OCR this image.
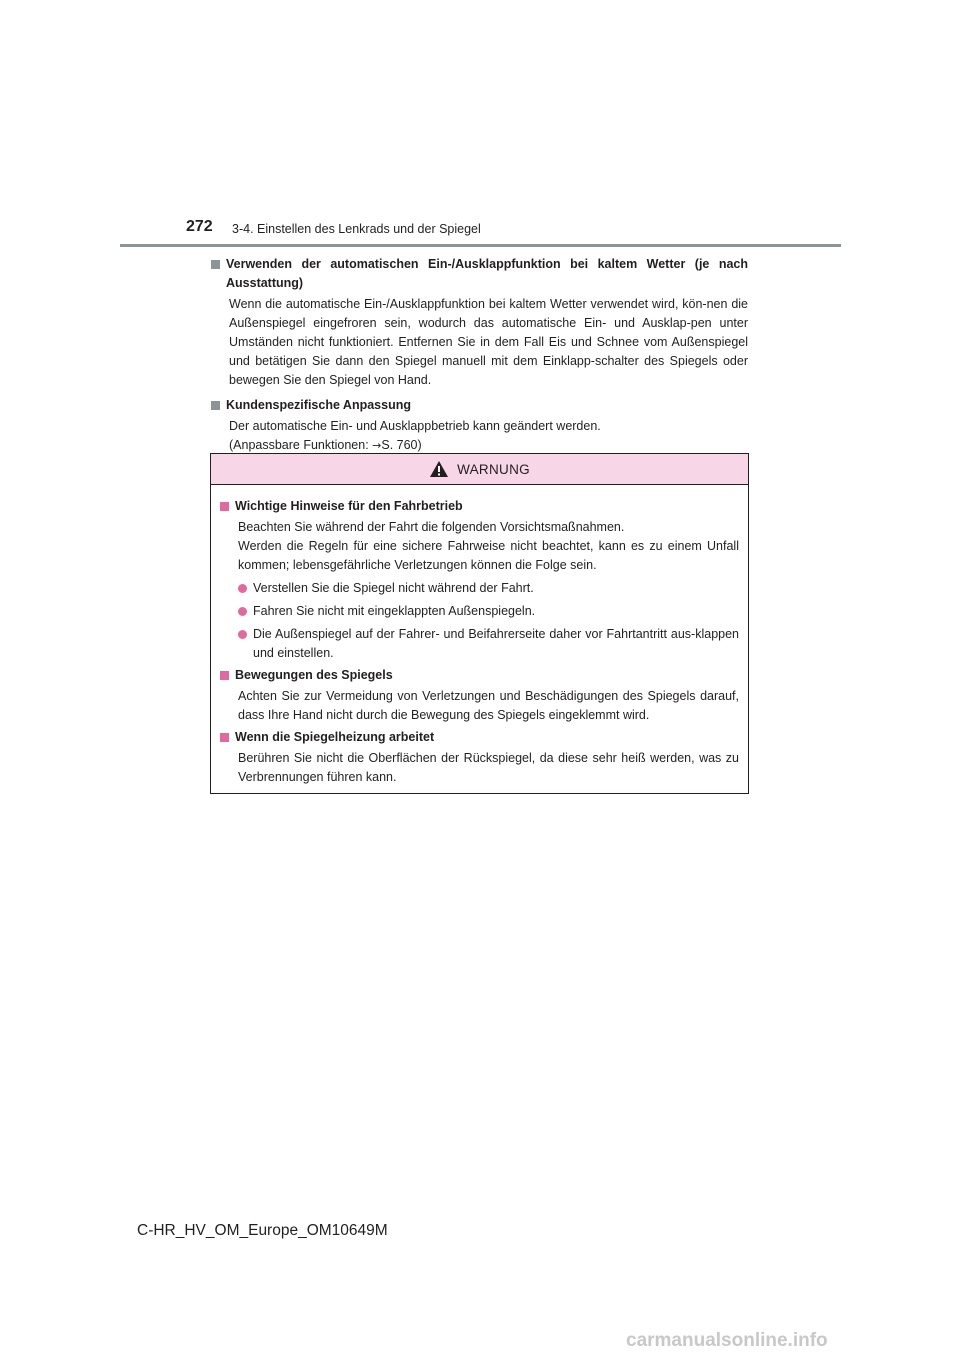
272 3-4. Einstellen des Lenkrads und der Spiegel
Verwenden der automatischen Ein-/Ausklappfunktion bei kaltem Wetter (je nach Ausstattung)
Wenn die automatische Ein-/Ausklappfunktion bei kaltem Wetter verwendet wird, kön-nen die Außenspiegel eingefroren sein, wodurch das automatische Ein- und Ausklap-pen unter Umständen nicht funktioniert. Entfernen Sie in dem Fall Eis und Schnee vom Außenspiegel und betätigen Sie dann den Spiegel manuell mit dem Einklapp-schalter des Spiegels oder bewegen Sie den Spiegel von Hand.
Kundenspezifische Anpassung
Der automatische Ein- und Ausklappbetrieb kann geändert werden.
(Anpassbare Funktionen: →S. 760)
WARNUNG
Wichtige Hinweise für den Fahrbetrieb
Beachten Sie während der Fahrt die folgenden Vorsichtsmaßnahmen.
Werden die Regeln für eine sichere Fahrweise nicht beachtet, kann es zu einem Unfall kommen; lebensgefährliche Verletzungen können die Folge sein.
Verstellen Sie die Spiegel nicht während der Fahrt.
Fahren Sie nicht mit eingeklappten Außenspiegeln.
Die Außenspiegel auf der Fahrer- und Beifahrerseite daher vor Fahrtantritt aus-klappen und einstellen.
Bewegungen des Spiegels
Achten Sie zur Vermeidung von Verletzungen und Beschädigungen des Spiegels darauf, dass Ihre Hand nicht durch die Bewegung des Spiegels eingeklemmt wird.
Wenn die Spiegelheizung arbeitet
Berühren Sie nicht die Oberflächen der Rückspiegel, da diese sehr heiß werden, was zu Verbrennungen führen kann.
C-HR_HV_OM_Europe_OM10649M
carmanualsonline.info
